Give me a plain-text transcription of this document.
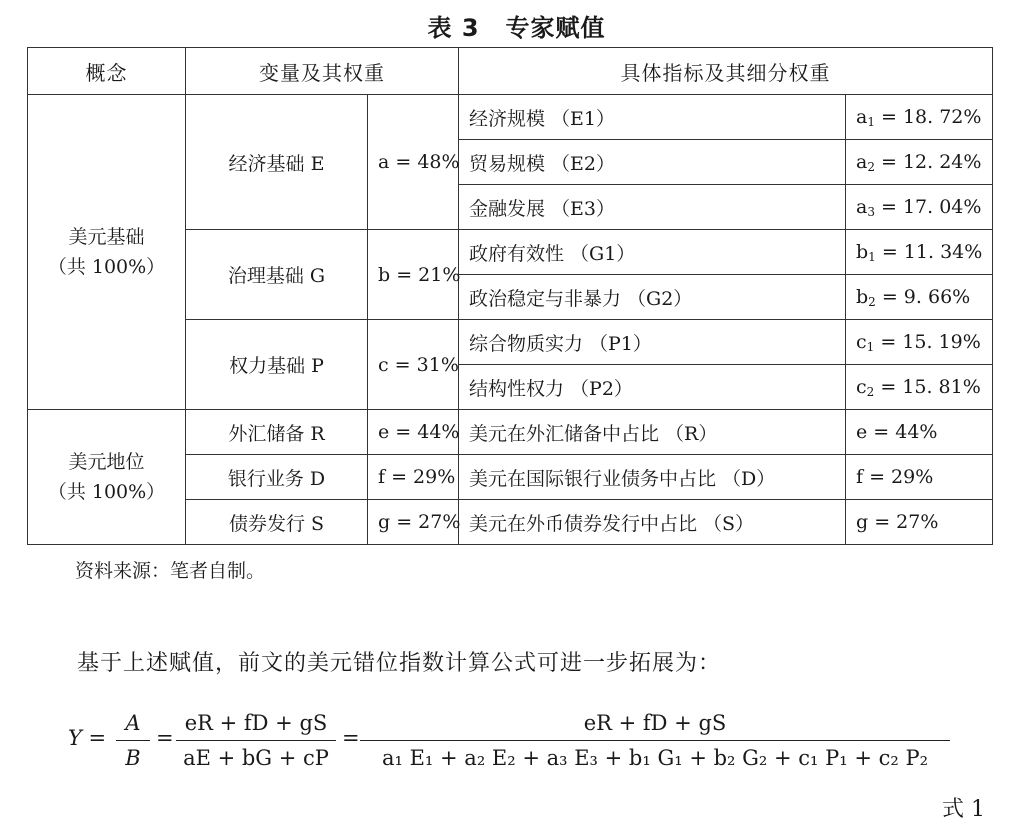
表 3 专家赋值
概念	变量及其权重		具体指标及其细分权重	

美元基础
（共 100%）	经济基础 E	a = 48%	经济规模 （E1）	$a_1 = 18$. 72%
			贸易规模 （E2）	$a_2 = 12$. 24%
			金融发展 （E3）	$a_3 = 17$. 04%
	治理基础 G	b = 21%	政府有效性 （G1）	$b_1 = 11$. 34%
			政治稳定与非暴力 （G2）	$b_2 = 9$. 66%
	权力基础 P	c = 31%	综合物质实力 （P1）	$c_1 = 15$. 19%
			结构性权力 （P2）	$c_2 = 15$. 81%

美元地位
（共 100%）	外汇储备 R	e = 44%	美元在外汇储备中占比 （R）	e = 44%
	银行业务 D	f = 29%	美元在国际银行业债务中占比 （D）	f = 29%
	债券发行 S	g = 27%	美元在外币债券发行中占比 （S）	g = 27%
资料来源：笔者自制。
基于上述赋值，前文的美元错位指数计算公式可进一步拓展为：
Y =
A
B
=
eR + fD + gS
aE + bG + cP
=
eR + fD + gS
a₁ E₁ + a₂ E₂ + a₃ E₃ + b₁ G₁ + b₂ G₂ + c₁ P₁ + c₂ P₂
式 1
